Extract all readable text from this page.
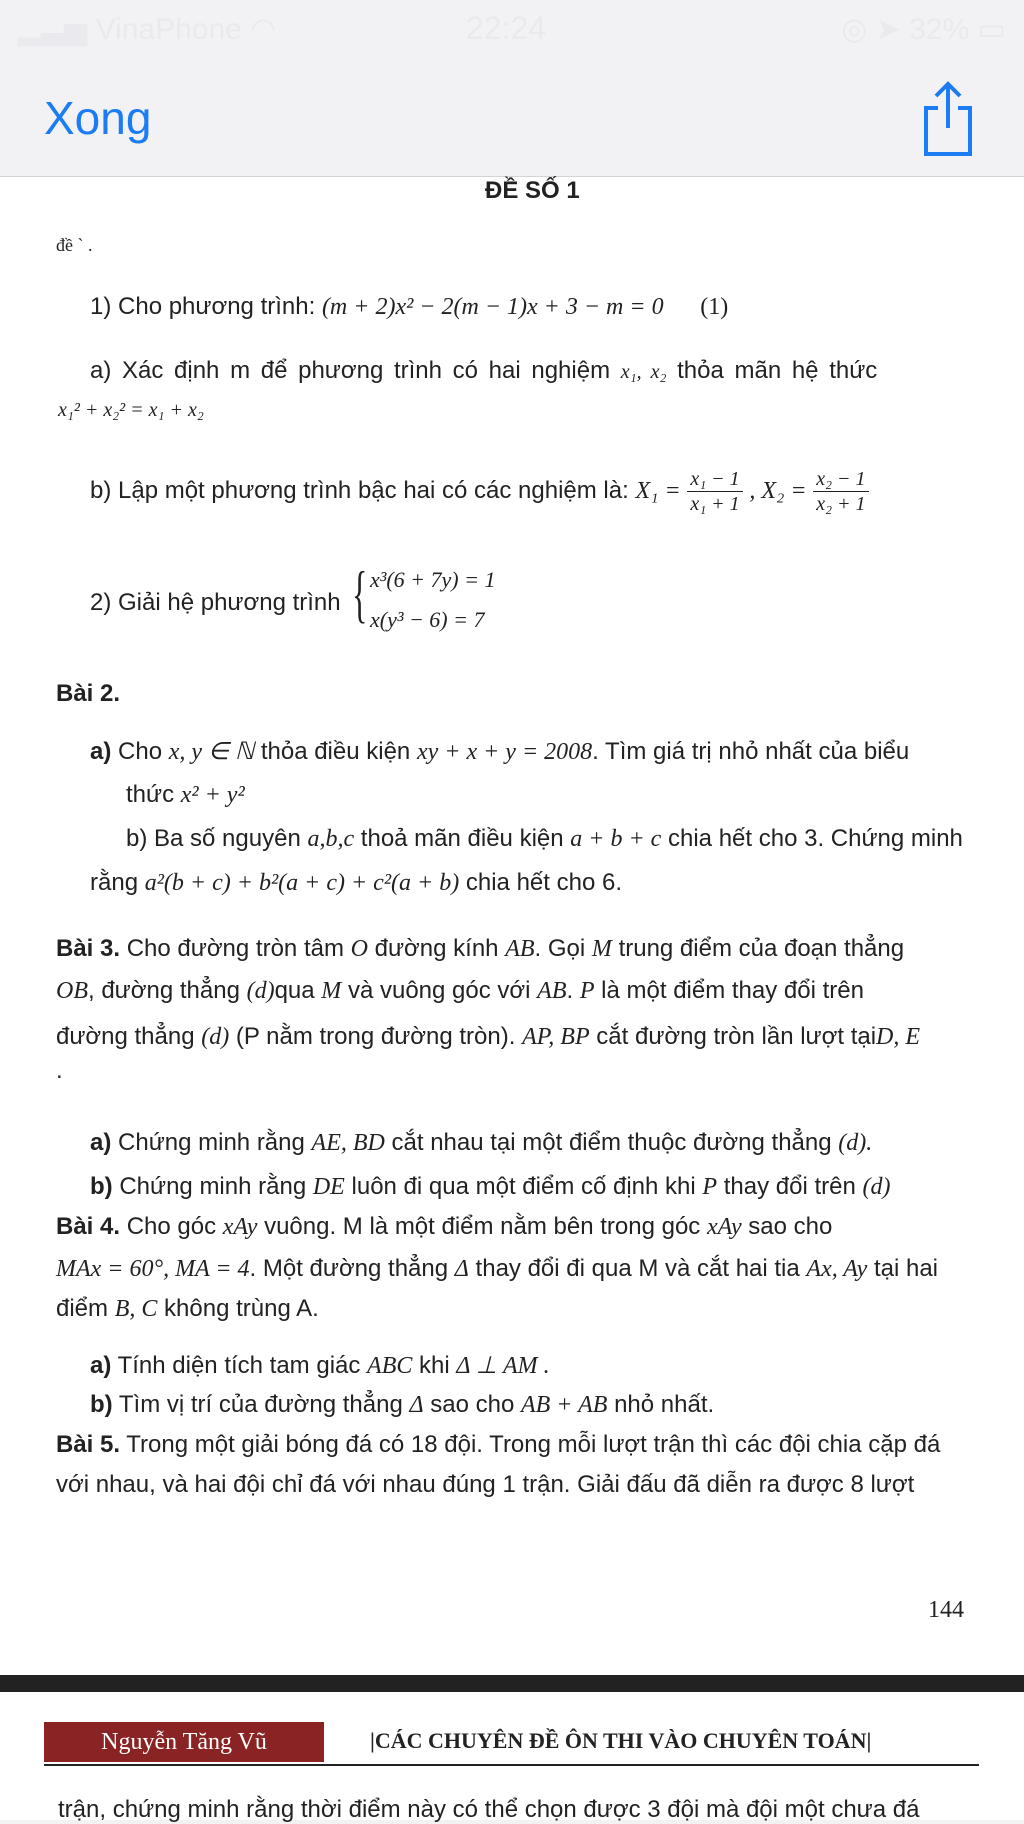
▂▃▅ VinaPhone ◠	22:24	◎ ➤ 32% ▭
Xong
ĐỀ SỐ 1
đề ˋ .
1) Cho phương trình: (m + 2)x² − 2(m − 1)x + 3 − m = 0 (1)
a) Xác định m để phương trình có hai nghiệm x₁, x₂ thỏa mãn hệ thức
x₁² + x₂² = x₁ + x₂
b) Lập một phương trình bậc hai có các nghiệm là: $X_1 = \frac{\text{x₁ − 1}}{\text{x₁ + 1}}$ , $X_2 = \frac{\text{x₂ − 1}}{\text{x₂ + 1}}$
2) Giải hệ phương trình { x³(6 + 7y) = 1
x(y³ − 6) = 7
Bài 2.
a) Cho x, y ∈ ℕ thỏa điều kiện xy + x + y = 2008. Tìm giá trị nhỏ nhất của biểu
thức x² + y²
b) Ba số nguyên a,b,c thoả mãn điều kiện a + b + c chia hết cho 3. Chứng minh
rằng a²(b + c) + b²(a + c) + c²(a + b) chia hết cho 6.
Bài 3. Cho đường tròn tâm O đường kính AB. Gọi M trung điểm của đoạn thẳng
OB, đường thẳng (d)qua M và vuông góc với AB. P là một điểm thay đổi trên
đường thẳng (d) (P nằm trong đường tròn). AP, BP cắt đường tròn lần lượt tạiD, E
.
a) Chứng minh rằng AE, BD cắt nhau tại một điểm thuộc đường thẳng (d).
b) Chứng minh rằng DE luôn đi qua một điểm cố định khi P thay đổi trên (d)
Bài 4. Cho góc xAy vuông. M là một điểm nằm bên trong góc xAy sao cho
MAx = 60°, MA = 4. Một đường thẳng Δ thay đổi đi qua M và cắt hai tia Ax, Ay tại hai
điểm B, C không trùng A.
a) Tính diện tích tam giác ABC khi Δ ⊥ AM .
b) Tìm vị trí của đường thẳng Δ sao cho AB + AB nhỏ nhất.
Bài 5. Trong một giải bóng đá có 18 đội. Trong mỗi lượt trận thì các đội chia cặp đá
với nhau, và hai đội chỉ đá với nhau đúng 1 trận. Giải đấu đã diễn ra được 8 lượt
144
Nguyễn Tăng Vũ	|CÁC CHUYÊN ĐỀ ÔN THI VÀO CHUYÊN TOÁN|
trận, chứng minh rằng thời điểm này có thể chọn được 3 đội mà đội một chưa đá
